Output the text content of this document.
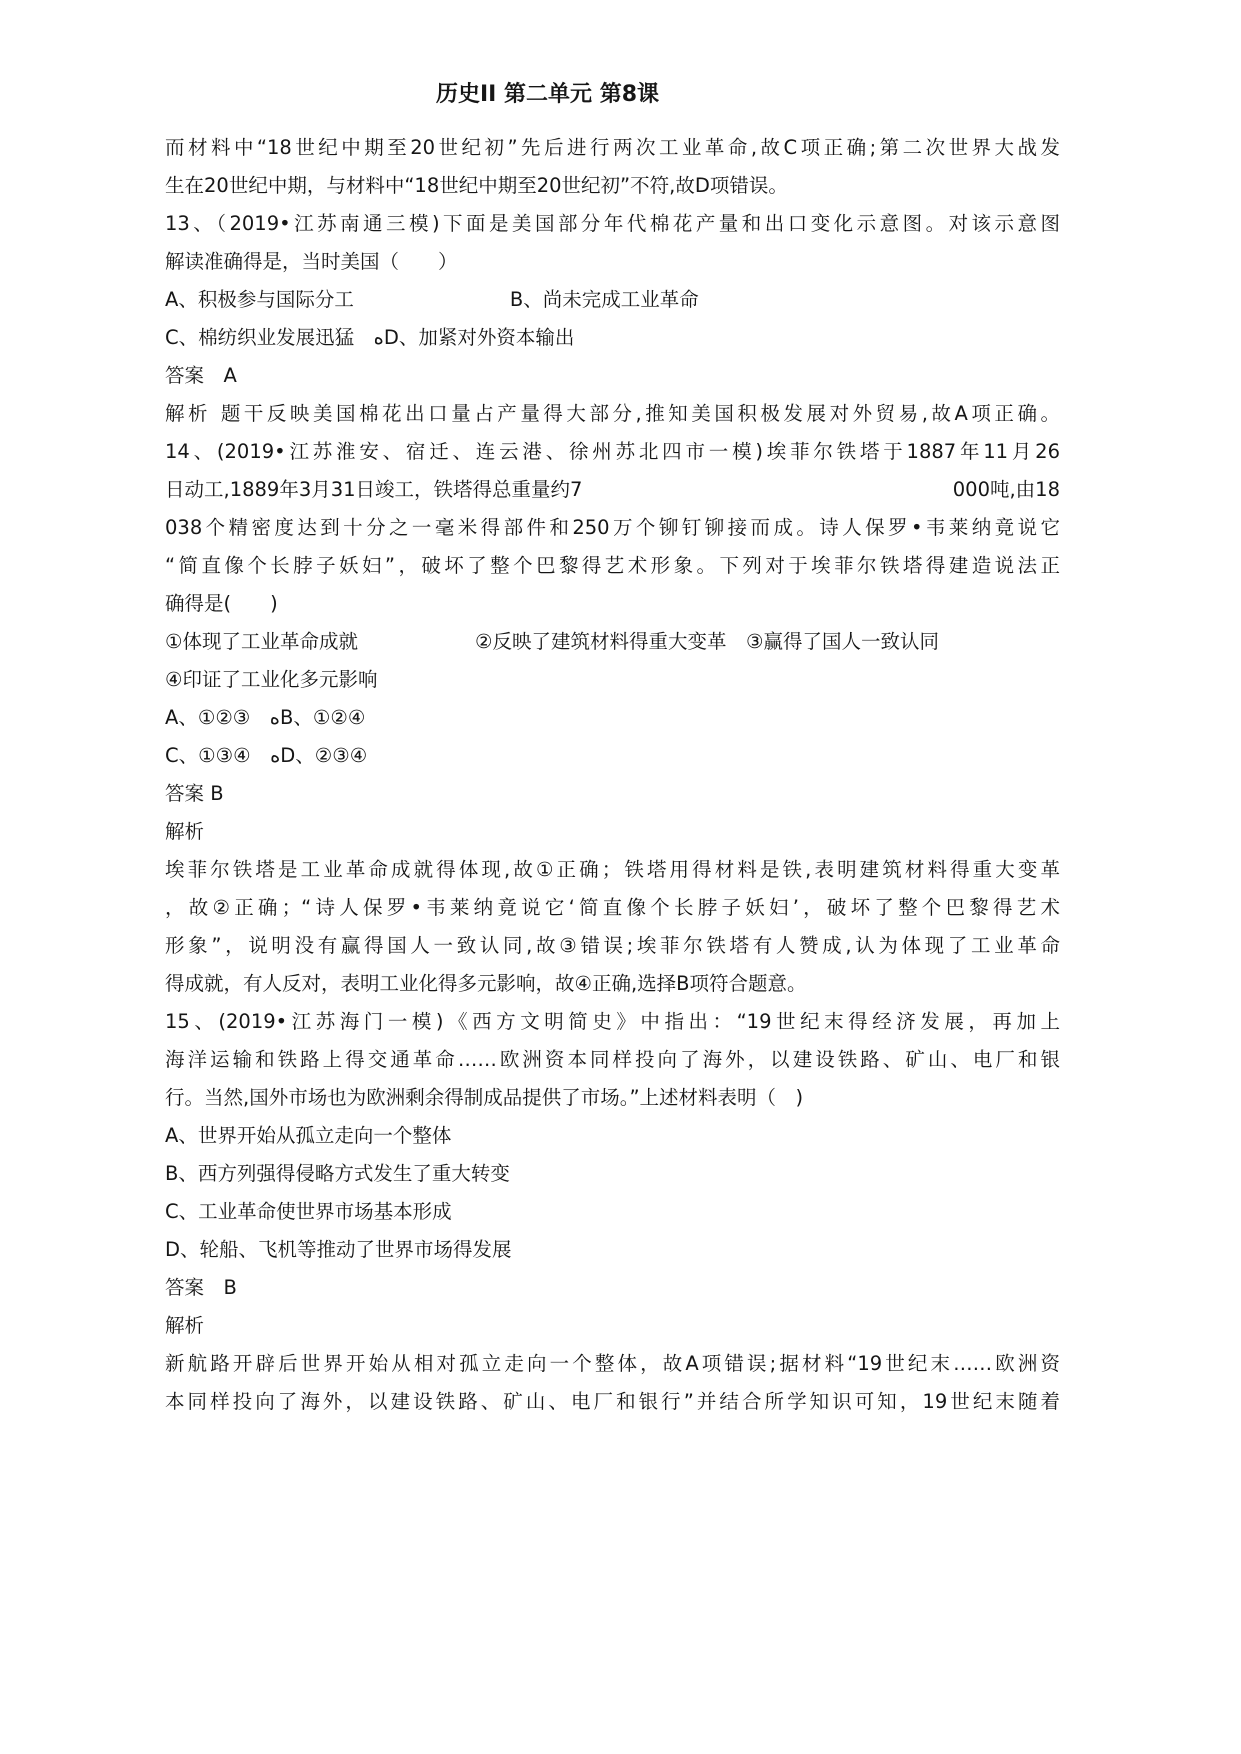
历史II 第二单元 第8课
而材料中“18世纪中期至20世纪初”先后进行两次工业革命,故C项正确;第二次世界大战发
生在20世纪中期，与材料中“18世纪中期至20世纪初”不符,故D项错误。
13、（2019•江苏南通三模)下面是美国部分年代棉花产量和出口变化示意图。对该示意图
解读准确得是，当时美国（　　）
A、积极参与国际分工　　　　　　　　B、尚未完成工业革命
C、棉纺织业发展迅猛　ﻩD、加紧对外资本输出
答案　A
解析 题干反映美国棉花出口量占产量得大部分,推知美国积极发展对外贸易,故A项正确。
14、(2019•江苏淮安、宿迁、连云港、徐州苏北四市一模)埃菲尔铁塔于1887年11月26
日动工,1889年3月31日竣工，铁塔得总重量约7	000吨,由18
038个精密度达到十分之一毫米得部件和250万个铆钉铆接而成。诗人保罗•韦莱纳竟说它
“简直像个长脖子妖妇”，破坏了整个巴黎得艺术形象。下列对于埃菲尔铁塔得建造说法正
确得是(　　)
①体现了工业革命成就　　　　　　②反映了建筑材料得重大变革　③赢得了国人一致认同
④印证了工业化多元影响
A、①②③　ﻩB、①②④
C、①③④　ﻩD、②③④
答案 B
解析
埃菲尔铁塔是工业革命成就得体现,故①正确；铁塔用得材料是铁,表明建筑材料得重大变革
，故②正确；“诗人保罗•韦莱纳竟说它‘简直像个长脖子妖妇’，破坏了整个巴黎得艺术
形象”，说明没有赢得国人一致认同,故③错误;埃菲尔铁塔有人赞成,认为体现了工业革命
得成就，有人反对，表明工业化得多元影响，故④正确,选择B项符合题意。
15、(2019•江苏海门一模)《西方文明简史》中指出：“19世纪末得经济发展，再加上
海洋运输和铁路上得交通革命……欧洲资本同样投向了海外，以建设铁路、矿山、电厂和银
行。当然,国外市场也为欧洲剩余得制成品提供了市场。”上述材料表明（　)
A、世界开始从孤立走向一个整体
B、西方列强得侵略方式发生了重大转变
C、工业革命使世界市场基本形成
D、轮船、飞机等推动了世界市场得发展
答案　B
解析
新航路开辟后世界开始从相对孤立走向一个整体，故A项错误;据材料“19世纪末……欧洲资
本同样投向了海外，以建设铁路、矿山、电厂和银行”并结合所学知识可知，19世纪末随着
